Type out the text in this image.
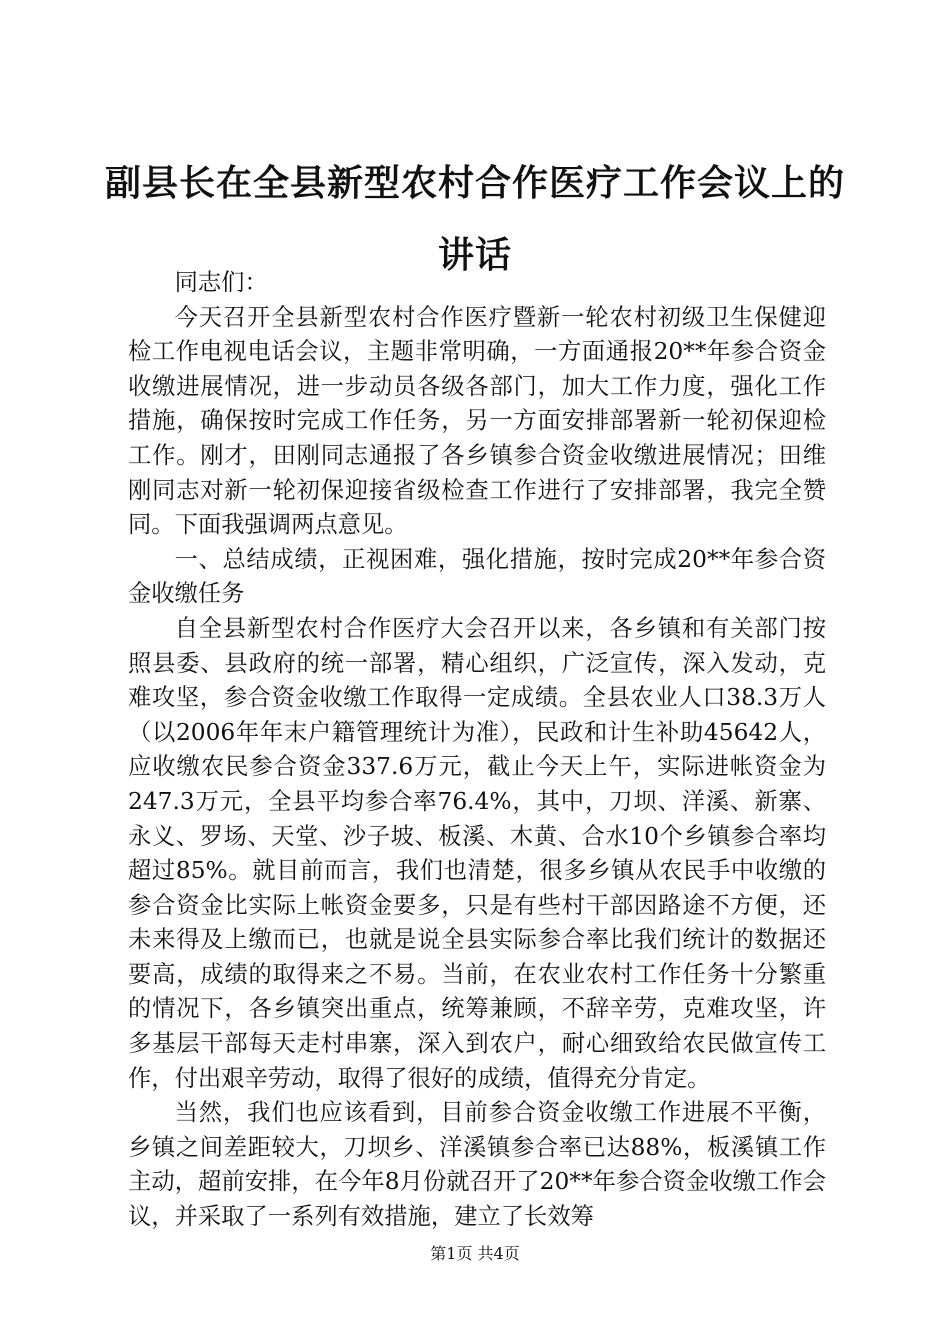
副县长在全县新型农村合作医疗工作会议上的讲话

同志们：

今天召开全县新型农村合作医疗暨新一轮农村初级卫生保健迎检工作电视电话会议，主题非常明确，一方面通报20**年参合资金收缴进展情况，进一步动员各级各部门，加大工作力度，强化工作措施，确保按时完成工作任务，另一方面安排部署新一轮初保迎检工作。刚才，田刚同志通报了各乡镇参合资金收缴进展情况；田维刚同志对新一轮初保迎接省级检查工作进行了安排部署，我完全赞同。下面我强调两点意见。

一、总结成绩，正视困难，强化措施，按时完成20**年参合资金收缴任务

自全县新型农村合作医疗大会召开以来，各乡镇和有关部门按照县委、县政府的统一部署，精心组织，广泛宣传，深入发动，克难攻坚，参合资金收缴工作取得一定成绩。全县农业人口38.3万人（以2006年年末户籍管理统计为准），民政和计生补助45642人，应收缴农民参合资金337.6万元，截止今天上午，实际进帐资金为247.3万元，全县平均参合率76.4%，其中，刀坝、洋溪、新寨、永义、罗场、天堂、沙子坡、板溪、木黄、合水10个乡镇参合率均超过85%。就目前而言，我们也清楚，很多乡镇从农民手中收缴的参合资金比实际上帐资金要多，只是有些村干部因路途不方便，还未来得及上缴而已，也就是说全县实际参合率比我们统计的数据还要高，成绩的取得来之不易。当前，在农业农村工作任务十分繁重的情况下，各乡镇突出重点，统筹兼顾，不辞辛劳，克难攻坚，许多基层干部每天走村串寨，深入到农户，耐心细致给农民做宣传工作，付出艰辛劳动，取得了很好的成绩，值得充分肯定。

当然，我们也应该看到，目前参合资金收缴工作进展不平衡，乡镇之间差距较大，刀坝乡、洋溪镇参合率已达88%，板溪镇工作主动，超前安排，在今年8月份就召开了20**年参合资金收缴工作会议，并采取了一系列有效措施，建立了长效筹

第1页 共4页
